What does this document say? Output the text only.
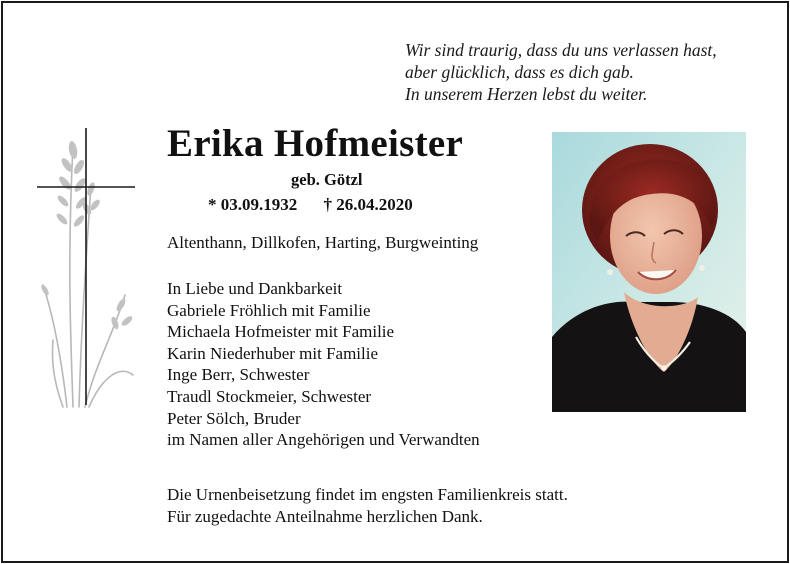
Wir sind traurig, dass du uns verlassen hast,
aber glücklich, dass es dich gab.
In unserem Herzen lebst du weiter.
Erika Hofmeister
geb. Götzl
* 03.09.1932 † 26.04.2020
Altenthann, Dillkofen, Harting, Burgweinting
In Liebe und Dankbarkeit
Gabriele Fröhlich mit Familie
Michaela Hofmeister mit Familie
Karin Niederhuber mit Familie
Inge Berr, Schwester
Traudl Stockmeier, Schwester
Peter Sölch, Bruder
im Namen aller Angehörigen und Verwandten
Die Urnenbeisetzung findet im engsten Familienkreis statt.
Für zugedachte Anteilnahme herzlichen Dank.
